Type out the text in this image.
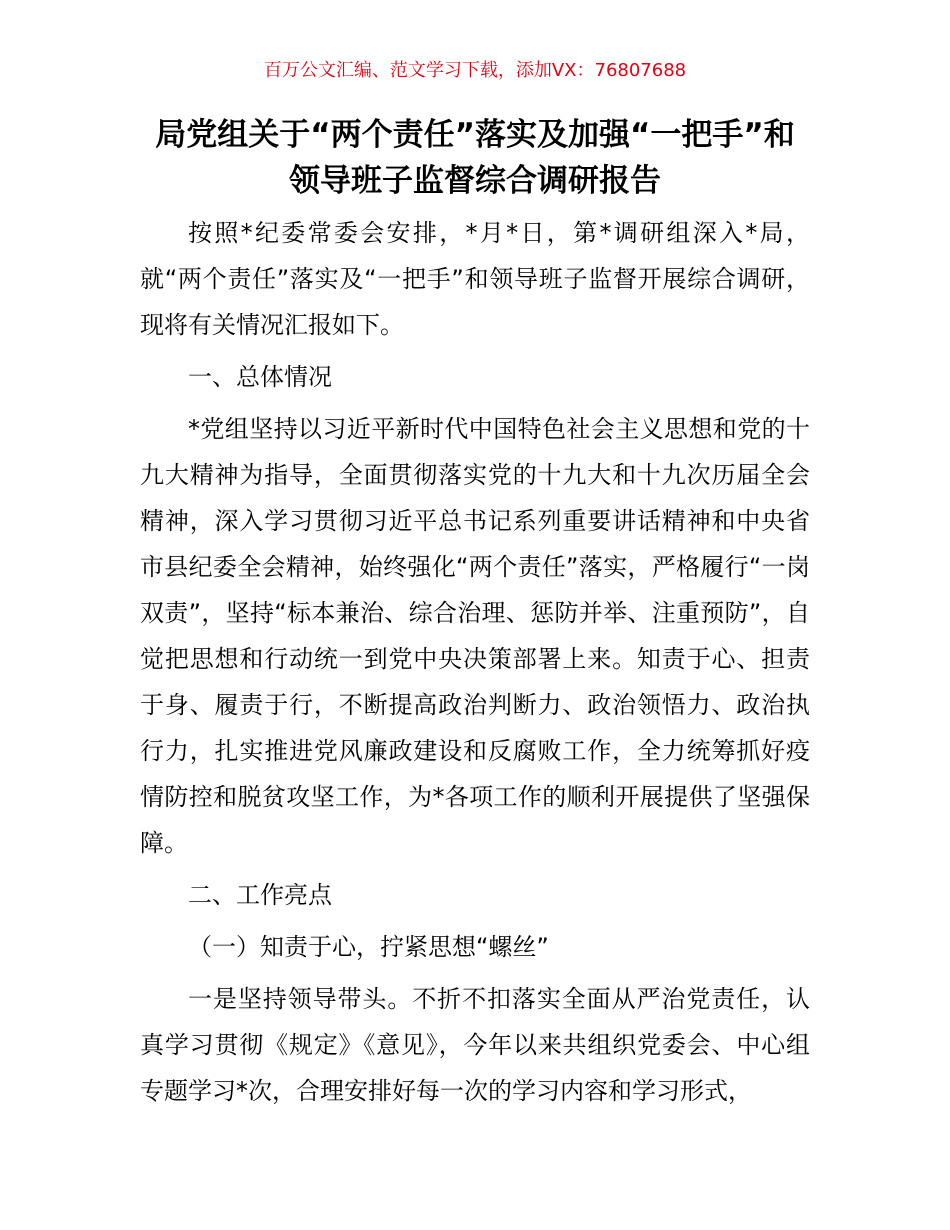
百万公文汇编、范文学习下载，添加VX：76807688
局党组关于“两个责任”落实及加强“一把手”和领导班子监督综合调研报告

按照*纪委常委会安排，*月*日，第*调研组深入*局，就“两个责任”落实及“一把手”和领导班子监督开展综合调研，现将有关情况汇报如下。

一、总体情况

*党组坚持以习近平新时代中国特色社会主义思想和党的十九大精神为指导，全面贯彻落实党的十九大和十九次历届全会精神，深入学习贯彻习近平总书记系列重要讲话精神和中央省市县纪委全会精神，始终强化“两个责任”落实，严格履行“一岗双责”，坚持“标本兼治、综合治理、惩防并举、注重预防”，自觉把思想和行动统一到党中央决策部署上来。知责于心、担责于身、履责于行，不断提高政治判断力、政治领悟力、政治执行力，扎实推进党风廉政建设和反腐败工作，全力统筹抓好疫情防控和脱贫攻坚工作，为*各项工作的顺利开展提供了坚强保障。

二、工作亮点

（一）知责于心，拧紧思想“螺丝”

一是坚持领导带头。不折不扣落实全面从严治党责任，认真学习贯彻《规定》《意见》，今年以来共组织党委会、中心组专题学习*次，合理安排好每一次的学习内容和学习形式，
